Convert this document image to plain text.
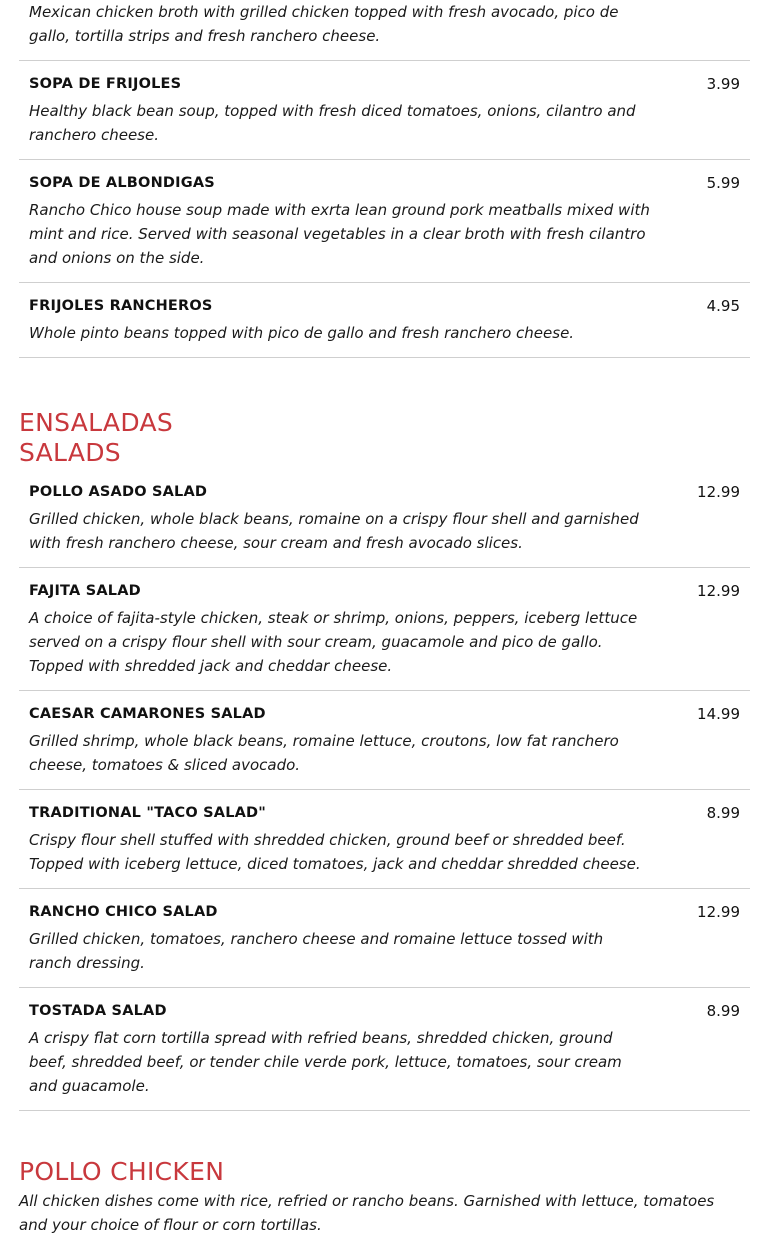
Mexican chicken broth with grilled chicken topped with fresh avocado, pico de gallo, tortilla strips and fresh ranchero cheese.

SOPA DE FRIJOLES	3.99

Healthy black bean soup, topped with fresh diced tomatoes, onions, cilantro and ranchero cheese.

SOPA DE ALBONDIGAS	5.99

Rancho Chico house soup made with exrta lean ground pork meatballs mixed with mint and rice. Served with seasonal vegetables in a clear broth with fresh cilantro and onions on the side.

FRIJOLES RANCHEROS	4.95

Whole pinto beans topped with pico de gallo and fresh ranchero cheese.

ENSALADAS
SALADS
POLLO ASADO SALAD	12.99

Grilled chicken, whole black beans, romaine on a crispy flour shell and garnished with fresh ranchero cheese, sour cream and fresh avocado slices.

FAJITA SALAD	12.99

A choice of fajita-style chicken, steak or shrimp, onions, peppers, iceberg lettuce served on a crispy flour shell with sour cream, guacamole and pico de gallo. Topped with shredded jack and cheddar cheese.

CAESAR CAMARONES SALAD	14.99

Grilled shrimp, whole black beans, romaine lettuce, croutons, low fat ranchero cheese, tomatoes & sliced avocado.

TRADITIONAL "TACO SALAD"	8.99

Crispy flour shell stuffed with shredded chicken, ground beef or shredded beef. Topped with iceberg lettuce, diced tomatoes, jack and cheddar shredded cheese.

RANCHO CHICO SALAD	12.99

Grilled chicken, tomatoes, ranchero cheese and romaine lettuce tossed with ranch dressing.

TOSTADA SALAD	8.99

A crispy flat corn tortilla spread with refried beans, shredded chicken, ground beef, shredded beef, or tender chile verde pork, lettuce, tomatoes, sour cream and guacamole.

POLLO CHICKEN

All chicken dishes come with rice, refried or rancho beans. Garnished with lettuce, tomatoes and your choice of flour or corn tortillas.
